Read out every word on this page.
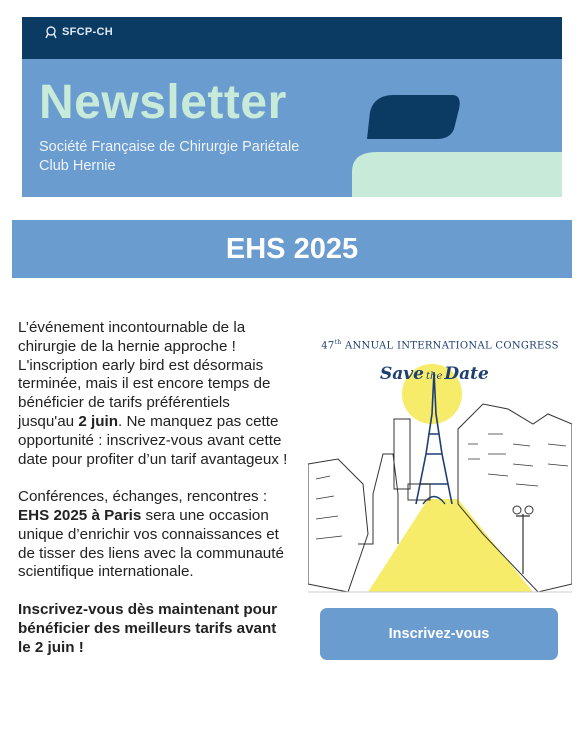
SFCP-CH
Newsletter
Société Française de Chirurgie Pariétale
Club Hernie
EHS 2025

L’événement incontournable de la chirurgie de la hernie approche ! L'inscription early bird est désormais terminée, mais il est encore temps de bénéficier de tarifs préférentiels jusqu'au 2 juin. Ne manquez pas cette opportunité : inscrivez-vous avant cette date pour profiter d’un tarif avantageux !

Conférences, échanges, rencontres : EHS 2025 à Paris sera une occasion unique d’enrichir vos connaissances et de tisser des liens avec la communauté scientifique internationale.

Inscrivez-vous dès maintenant pour bénéficier des meilleurs tarifs avant le 2 juin !

47th ANNUAL INTERNATIONAL CONGRESS
Save the Date
Inscrivez-vous
